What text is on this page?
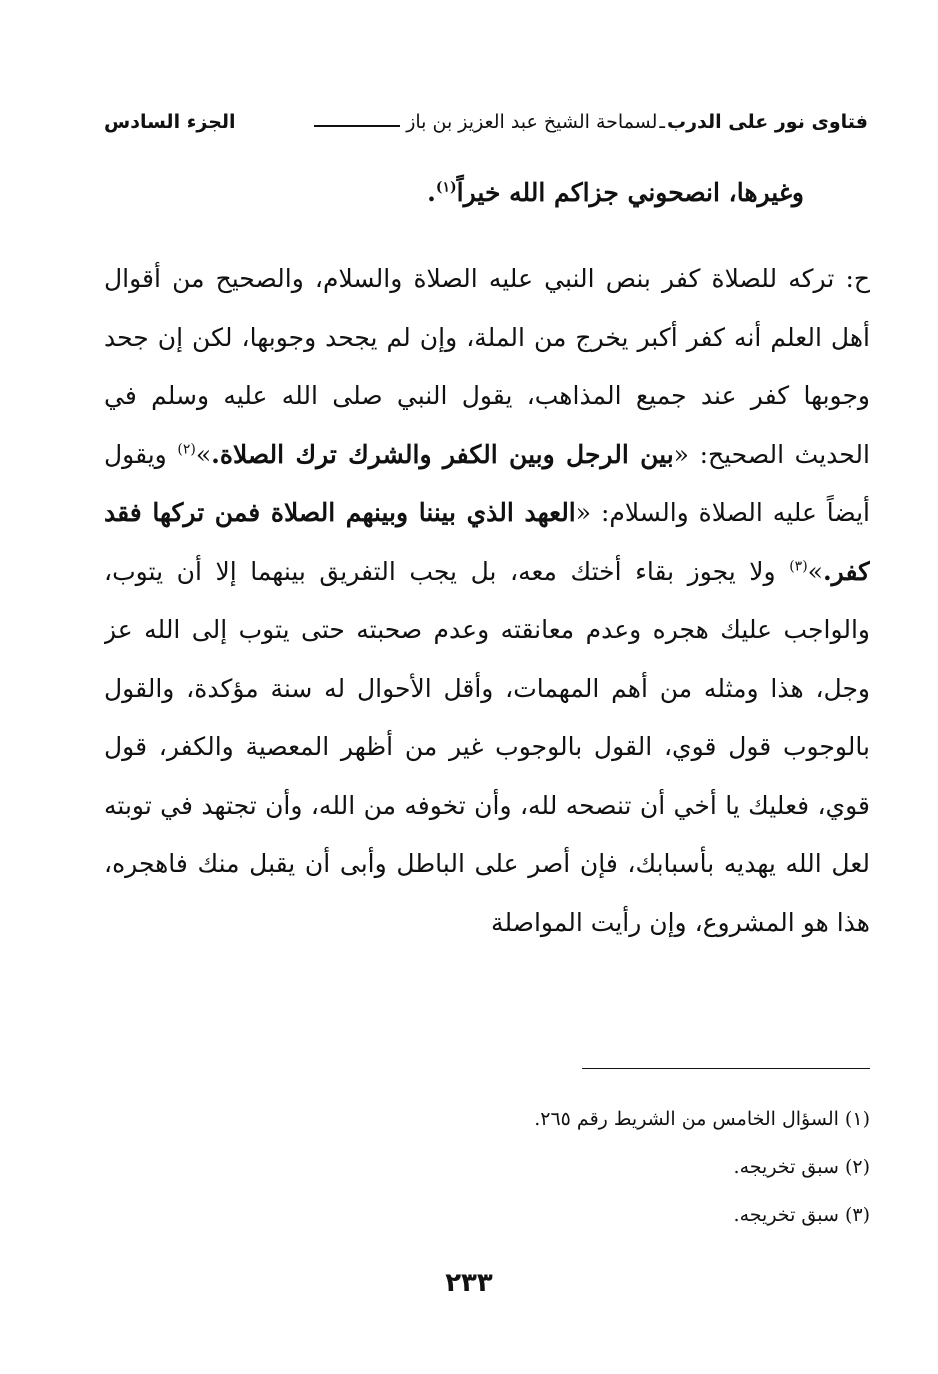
فتاوى نور على الدرب
ـ
لسماحة الشيخ عبد العزيز بن باز
الجزء السادس
وغيرها، انصحوني جزاكم الله خيراً$^{(١)}$.
ح: تركه للصلاة كفر بنص النبي عليه الصلاة والسلام، والصحيح من أقوال أهل العلم أنه كفر أكبر يخرج من الملة، وإن لم يجحد وجوبها، لكن إن جحد وجوبها كفر عند جميع المذاهب، يقول النبي صلى الله عليه وسلم في الحديث الصحيح: «بين الرجل وبين الكفر والشرك ترك الصلاة.»$^{(٢)}$ ويقول أيضاً عليه الصلاة والسلام: «العهد الذي بيننا وبينهم الصلاة فمن تركها فقد كفر.»$^{(٣)}$ ولا يجوز بقاء أختك معه، بل يجب التفريق بينهما إلا أن يتوب، والواجب عليك هجره وعدم معانقته وعدم صحبته حتى يتوب إلى الله عز وجل، هذا ومثله من أهم المهمات، وأقل الأحوال له سنة مؤكدة، والقول بالوجوب قول قوي، القول بالوجوب غير من أظهر المعصية والكفر، قول قوي، فعليك يا أخي أن تنصحه لله، وأن تخوفه من الله، وأن تجتهد في توبته لعل الله يهديه بأسبابك، فإن أصر على الباطل وأبى أن يقبل منك فاهجره، هذا هو المشروع، وإن رأيت المواصلة
(١) السؤال الخامس من الشريط رقم ٢٦٥.
(٢) سبق تخريجه.
(٣) سبق تخريجه.
٢٣٣
